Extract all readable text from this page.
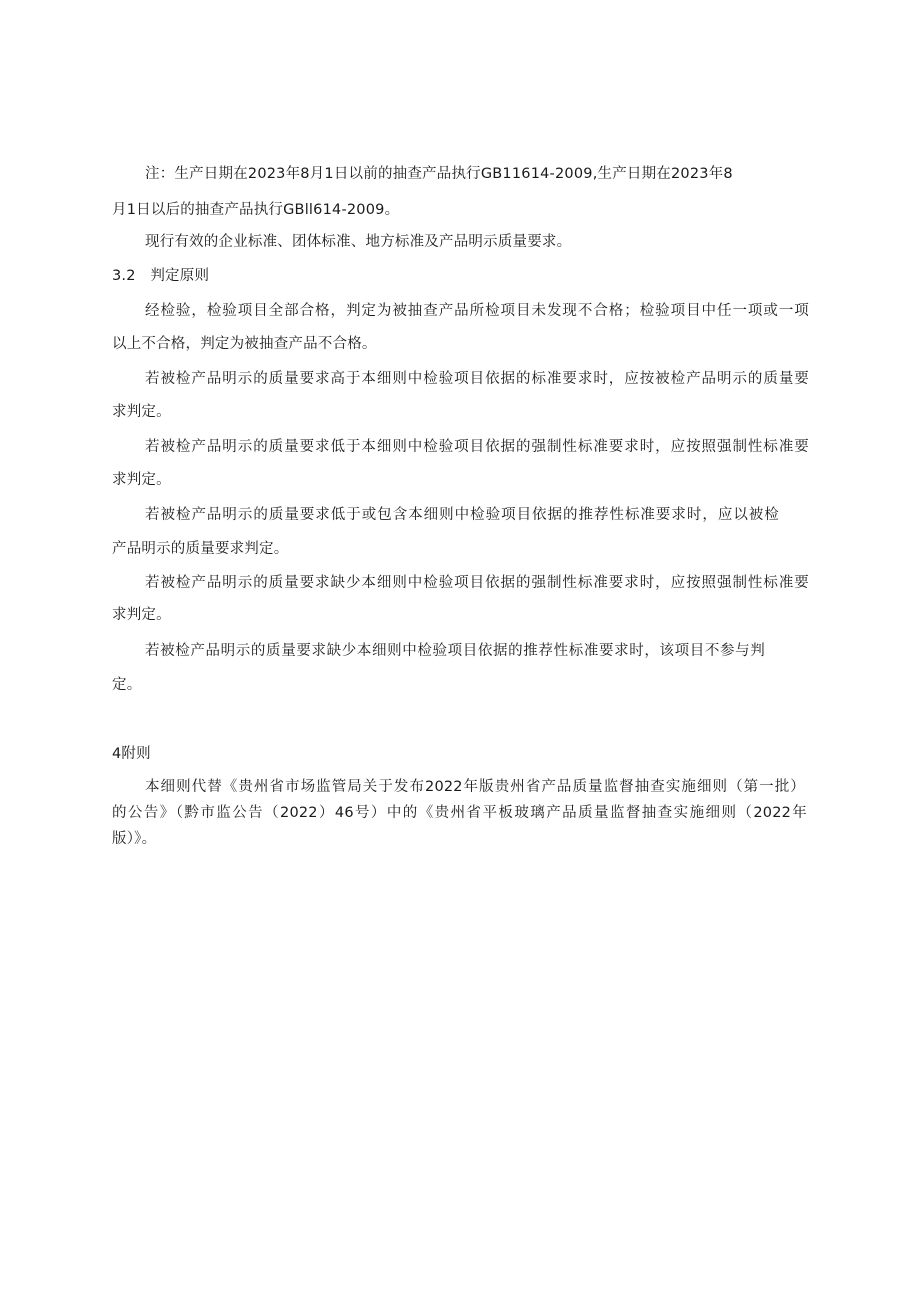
注：生产日期在2023年8月1日以前的抽查产品执行GB11614-2009,生产日期在2023年8
月1日以后的抽查产品执行GBll614-2009。
现行有效的企业标准、团体标准、地方标准及产品明示质量要求。
3.2　判定原则
经检验，检验项目全部合格，判定为被抽查产品所检项目未发现不合格；检验项目中任一项或一项
以上不合格，判定为被抽查产品不合格。
若被检产品明示的质量要求高于本细则中检验项目依据的标准要求时，应按被检产品明示的质量要
求判定。
若被检产品明示的质量要求低于本细则中检验项目依据的强制性标准要求时，应按照强制性标准要
求判定。
若被检产品明示的质量要求低于或包含本细则中检验项目依据的推荐性标准要求时，应以被检
产品明示的质量要求判定。
若被检产品明示的质量要求缺少本细则中检验项目依据的强制性标准要求时，应按照强制性标准要
求判定。
若被检产品明示的质量要求缺少本细则中检验项目依据的推荐性标准要求时，该项目不参与判
定。
4附则
本细则代替《贵州省市场监管局关于发布2022年版贵州省产品质量监督抽查实施细则（第一批）
的公告》（黔市监公告（2022）46号）中的《贵州省平板玻璃产品质量监督抽查实施细则（2022年
版）》。
